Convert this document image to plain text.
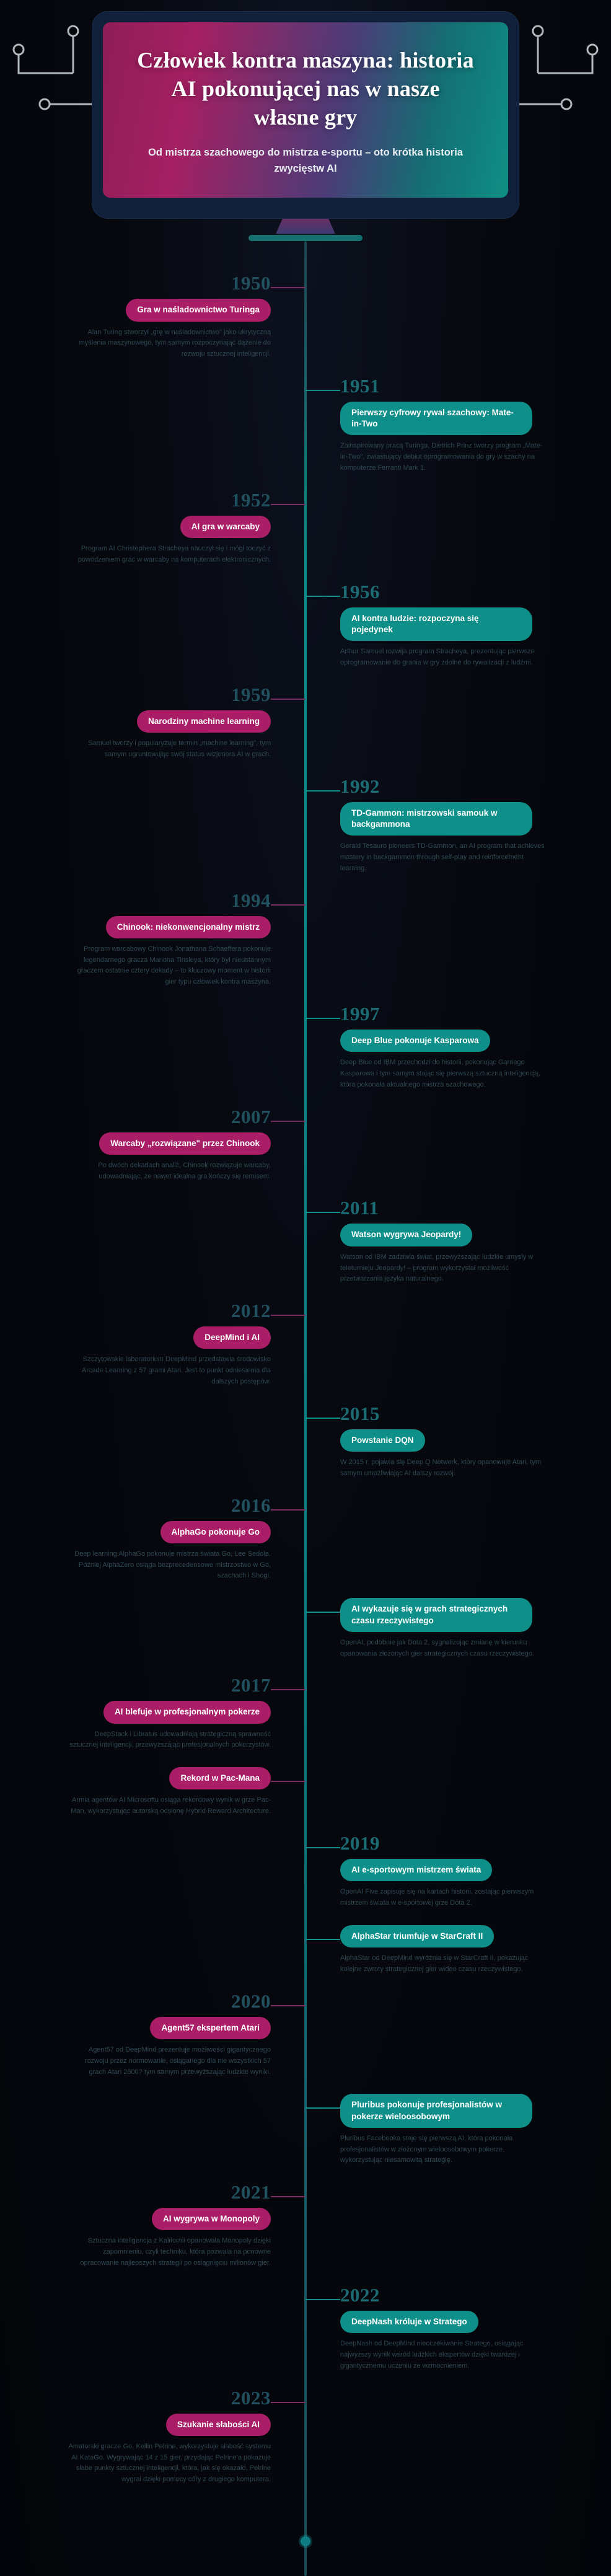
Człowiek kontra maszyna: historia AI pokonującej nas w nasze własne gry
Od mistrza szachowego do mistrza e-sportu – oto krótka historia zwycięstw AI
1950
Gra w naśladownictwo Turinga
Alan Turing stworzył „grę w naśladownictwo" jako ukrytyczną myślenia maszynowego, tym samym rozpoczynając dążenie do rozwoju sztucznej inteligencji.
1951
Pierwszy cyfrowy rywal szachowy: Mate-in-Two
Zainspirowany pracą Turinga, Dietrich Prinz tworzy program „Mate-in-Two", zwiastujący debiut oprogramowania do gry w szachy na komputerze Ferranti Mark 1.
1952
AI gra w warcaby
Program AI Christophera Stracheya nauczył się i mógł toczyć z powodzeniem grać w warcaby na komputerach elektronicznych.
1956
AI kontra ludzie: rozpoczyna się pojedynek
Arthur Samuel rozwija program Stracheya, prezentując pierwsze oprogramowanie do grania w gry zdolne do rywalizacji z ludźmi.
1959
Narodziny machine learning
Samuel tworzy i popularyzuje termin „machine learning", tym samym ugruntowując swój status wizjonera AI w grach.
1992
TD-Gammon: mistrzowski samouk w backgammona
Gerald Tesauro pioneers TD-Gammon, an AI program that achieves mastery in backgammon through self-play and reinforcement learning.
1994
Chinook: niekonwencjonalny mistrz
Program warcabowy Chinook Jonathana Schaeffera pokonuje legendarnego gracza Mariona Tinsleya, który był nieustannym graczem ostatnie cztery dekady – to kluczowy moment w historii gier typu człowiek kontra maszyna.
1997
Deep Blue pokonuje Kasparowa
Deep Blue od IBM przechodzi do historii, pokonując Garriego Kasparowa i tym samym stając się pierwszą sztuczną inteligencją, która pokonała aktualnego mistrza szachowego.
2007
Warcaby „rozwiązane" przez Chinook
Po dwóch dekadach analiz, Chinook rozwiązuje warcaby, udowadniając, że nawet idealna gra kończy się remisem.
2011
Watson wygrywa Jeopardy!
Watson od IBM zadziwia świat, przewyższając ludzkie umysły w teleturnieju Jeopardy! – program wykorzystał możliwość przetwarzania języka naturalnego.
2012
DeepMind i AI
Szczytowskie laboratorium DeepMind przedstawia środowisko Arcade Learning z 57 grami Atari. Jest to punkt odniesienia dla dalszych postępów.
2015
Powstanie DQN
W 2015 r. pojawia się Deep Q Network, który opanowuje Atari, tym samym umożliwiając AI dalszy rozwój.
2016
AlphaGo pokonuje Go
Deep learning AlphaGo pokonuje mistrza świata Go, Lee Sedola. Później AlphaZero osiąga bezprecedensowe mistrzostwo w Go, szachach i Shogi.
AI wykazuje się w grach strategicznych czasu rzeczywistego
OpenAI, podobnie jak Dota 2, sygnalizując zmianę w kierunku opanowania złożonych gier strategicznych czasu rzeczywistego.
2017
AI blefuje w profesjonalnym pokerze
DeepStack i Libratus udowadniają strategiczną sprawność sztucznej inteligencji, przewyższając profesjonalnych pokerzystów.
Rekord w Pac-Mana
Armia agentów AI Microsoftu osiąga rekordowy wynik w grze Pac-Man, wykorzystując autorską odsłonę Hybrid Reward Architecture.
2019
AI e-sportowym mistrzem świata
OpenAI Five zapisuje się na kartach historii, zostając pierwszym mistrzem świata w e-sportowej grze Dota 2.
AlphaStar triumfuje w StarCraft II
AlphaStar od DeepMind wyróżnia się w StarCraft II, pokazując kolejne zwroty strategicznej gier wideo czasu rzeczywistego.
2020
Agent57 ekspertem Atari
Agent57 od DeepMind prezentuje możliwości gigantycznego rozwoju przez normowanie, osiąganego dla nie wszystkich 57 grach Atari 2600? tym samym przewyższając ludzkie wyniki.
Pluribus pokonuje profesjonalistów w pokerze wieloosobowym
Pluribus Facebooka staje się pierwszą AI, która pokonała profesjonalistów w złożonym wieloosobowym pokerze, wykorzystując niesamowitą strategię.
2021
AI wygrywa w Monopoly
Sztuczna inteligencja z Kalifornii opanowała Monopoly dzięki zapomnieniu, czyli techniku, która pozwala na ponowne opracowanie najlepszych strategii po osiągnięciu milionów gier.
2022
DeepNash króluje w Stratego
DeepNash od DeepMind nieoczekiwanie Stratego, osiągając najwyższy wynik wśród ludzkich ekspertów dzięki twardzej i gigantycznemu uczeniu ze wzmocnieniem.
2023
Szukanie słabości AI
Amatorski gracze Go, Kellin Pelrine, wykorzystuje słabość systemu AI KataGo. Wygrywając 14 z 15 gier, przydając Pelrine'a pokazuje słabe punkty sztucznej inteligencji, która, jak się okazało, Pelrine wygrał dzięki pomocy córy z drugiego komputera.
